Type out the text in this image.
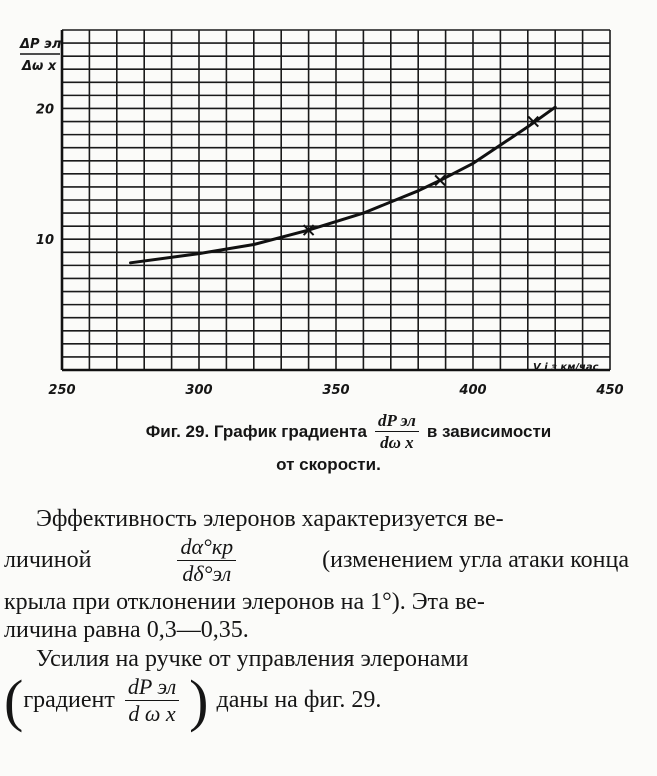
250	300	350	400	450
10
20
ΔP эл
Δω x
V i з км/час
Фиг. 29. График градиента $\frac{\text{dP эл}}{\text{dω x}}$ в зависимости
от скорости.

Эффективность элеронов характеризуется ве-

личиной	$\frac{d\alpha^\circ кр}{d\delta^\circ эл}$	(изменением угла атаки конца

крыла при отклонении элеронов на 1°). Эта ве-

личина равна 0,3—0,35.

Усилия на ручке от управления элеронами

( градиент $\frac{\text{dP эл}}{\text{d ω x}}$ ) даны на фиг. 29.
